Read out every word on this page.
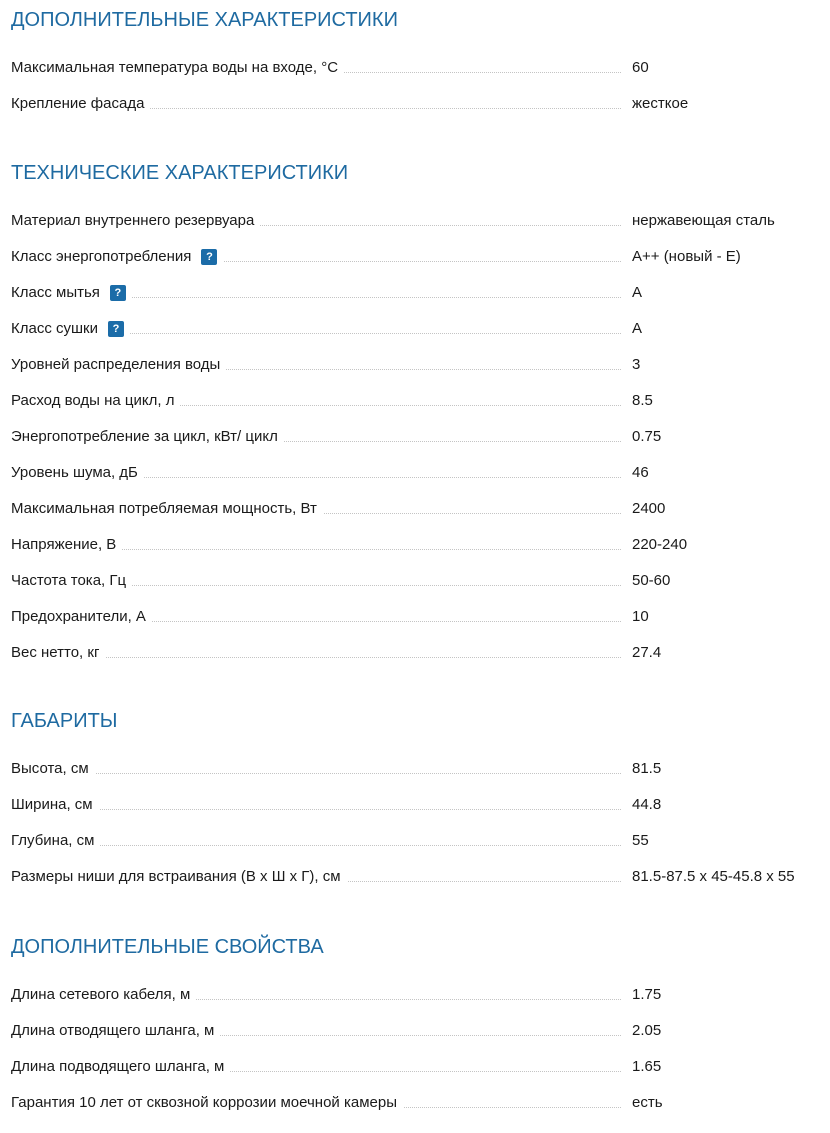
ДОПОЛНИТЕЛЬНЫЕ ХАРАКТЕРИСТИКИ
Максимальная температура воды на входе, °C	60
Крепление фасада	жесткое
ТЕХНИЧЕСКИЕ ХАРАКТЕРИСТИКИ
Материал внутреннего резервуара	нержавеющая сталь
Класс энергопотребления	?	A++ (новый - E)
Класс мытья	?	A
Класс сушки	?	A
Уровней распределения воды	3
Расход воды на цикл, л	8.5
Энергопотребление за цикл, кВт/ цикл	0.75
Уровень шума, дБ	46
Максимальная потребляемая мощность, Вт	2400
Напряжение, В	220-240
Частота тока, Гц	50-60
Предохранители, А	10
Вес нетто, кг	27.4
ГАБАРИТЫ
Высота, см	81.5
Ширина, см	44.8
Глубина, см	55
Размеры ниши для встраивания (В х Ш х Г), см	81.5-87.5 x 45-45.8 x 55
ДОПОЛНИТЕЛЬНЫЕ СВОЙСТВА
Длина сетевого кабеля, м	1.75
Длина отводящего шланга, м	2.05
Длина подводящего шланга, м	1.65
Гарантия 10 лет от сквозной коррозии моечной камеры	есть
